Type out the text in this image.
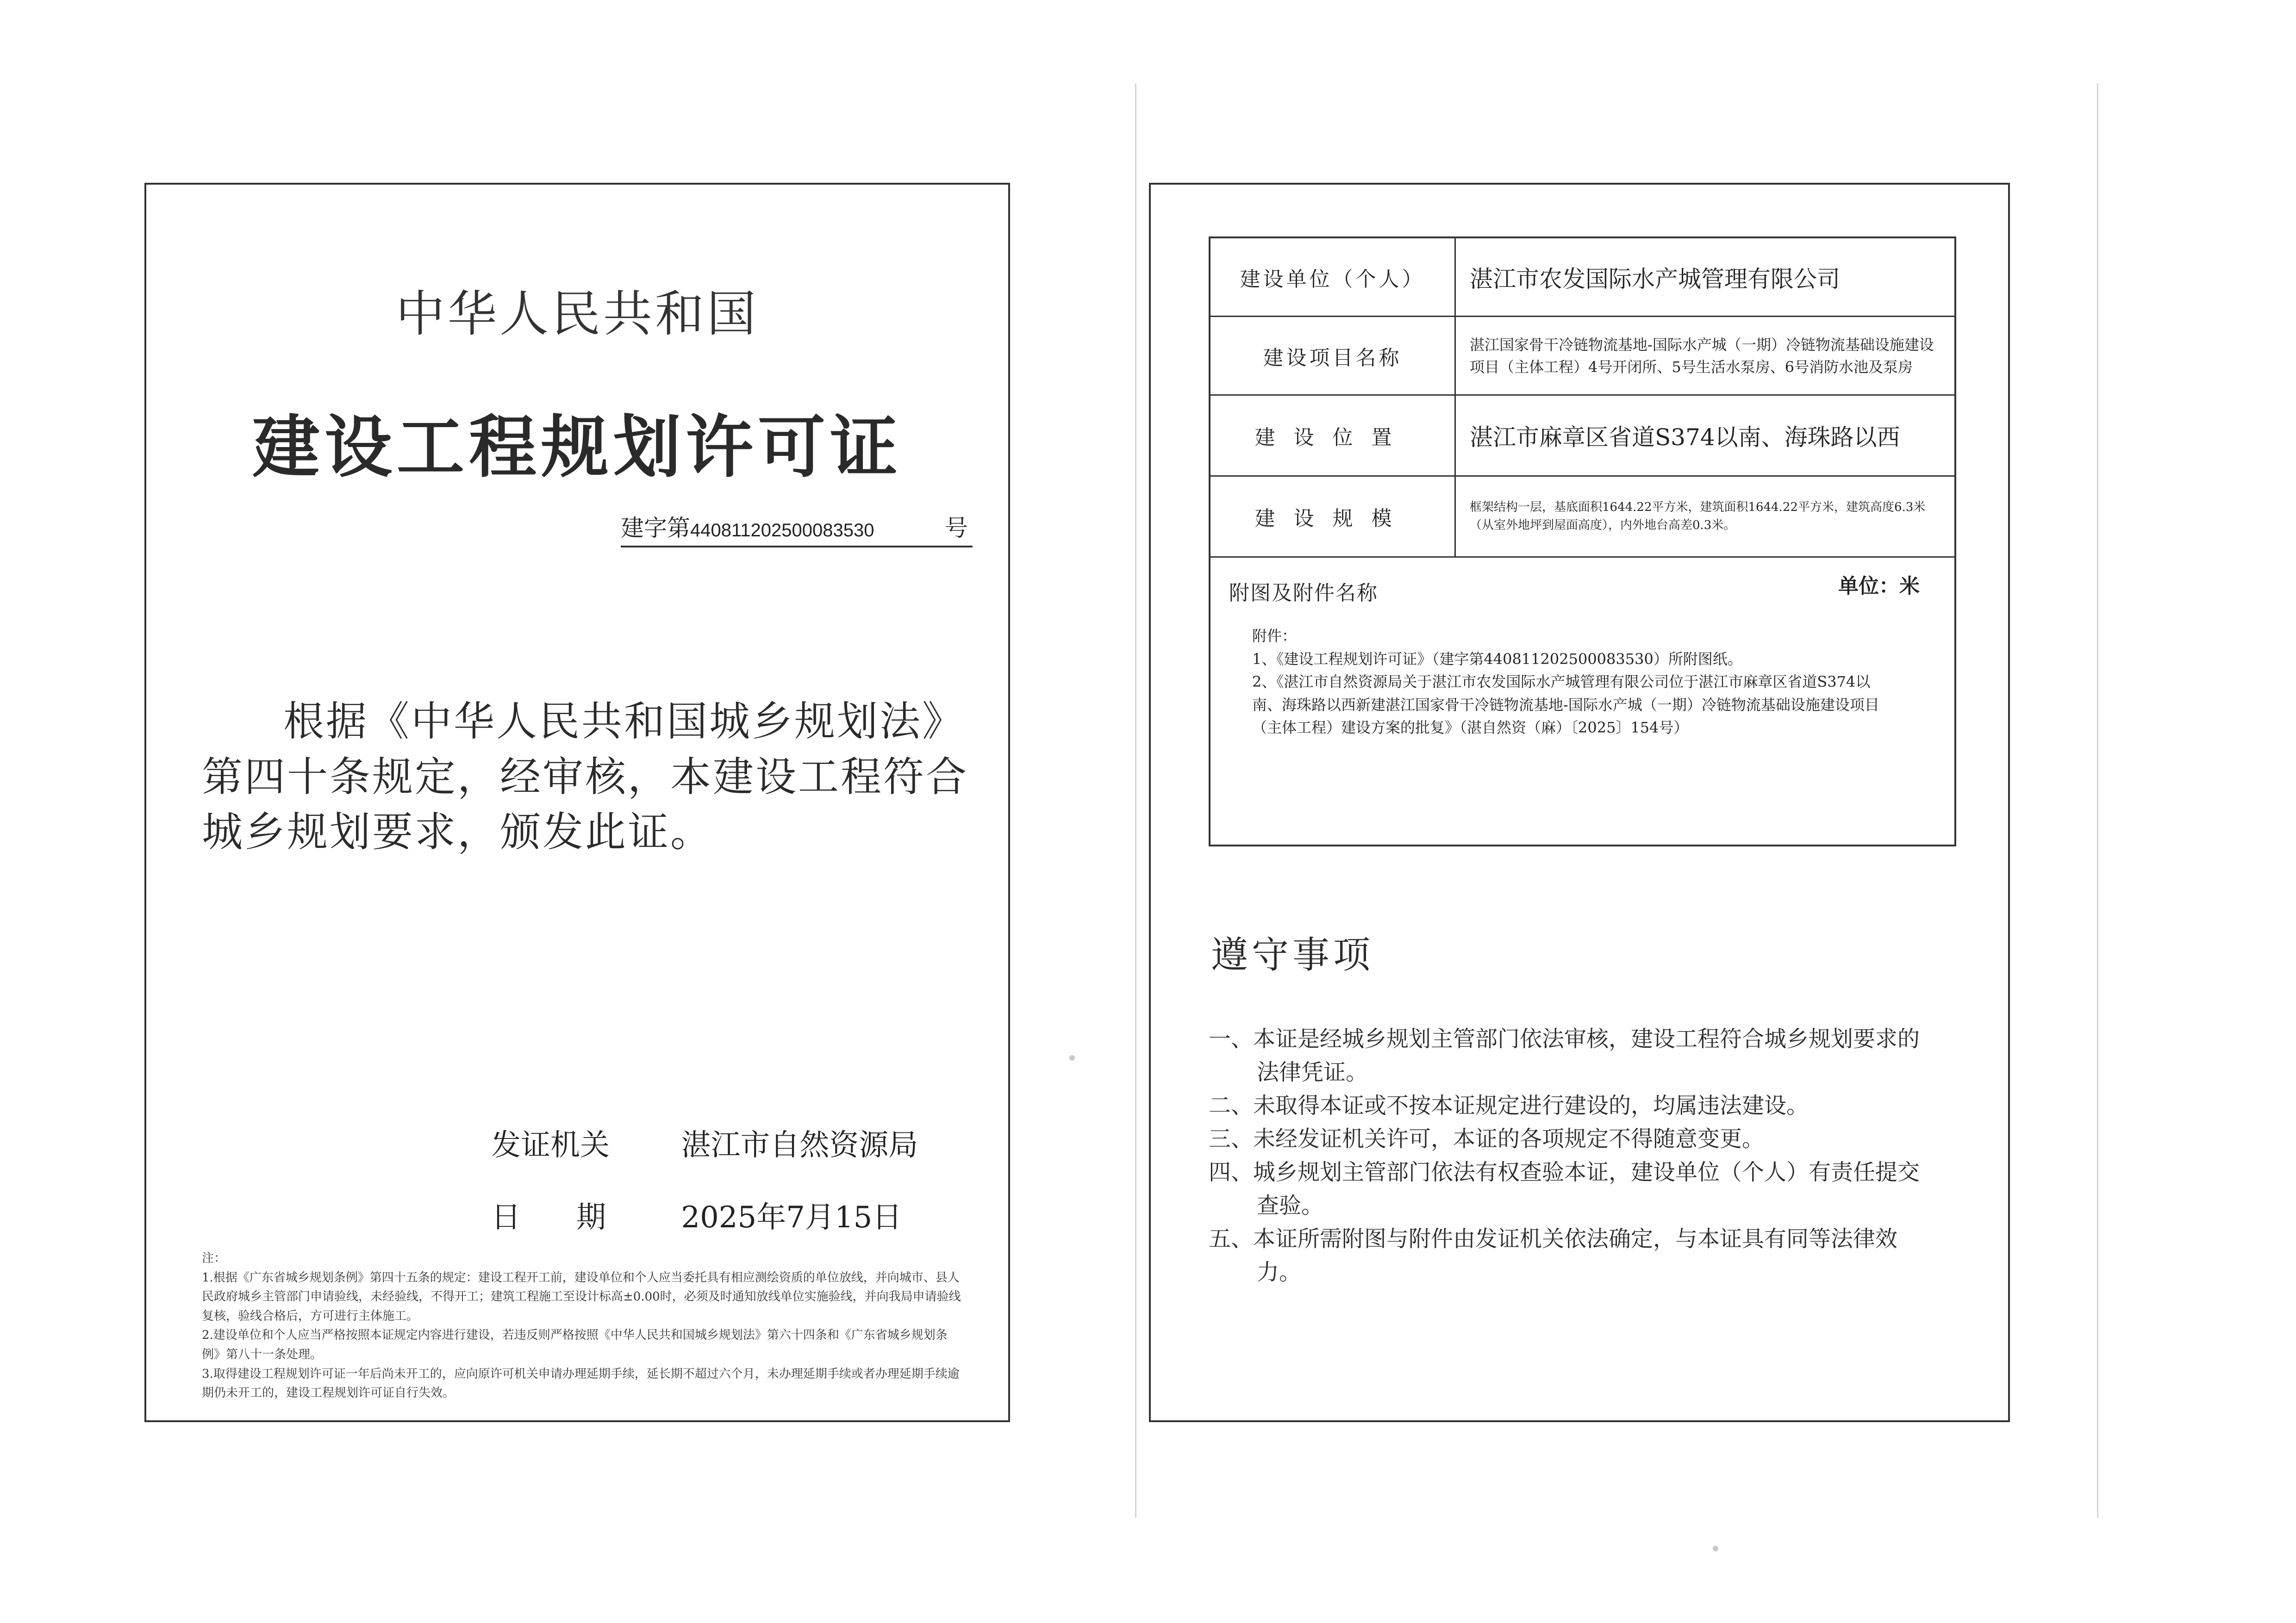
中华人民共和国
建设工程规划许可证
建字第 440811202500083530	号
根据《中华人民共和国城乡规划法》第四十条规定，经审核，本建设工程符合城乡规划要求，颁发此证。
发证机关 湛江市自然资源局
日期 2025年7月15日

注：

1.根据《广东省城乡规划条例》第四十五条的规定：建设工程开工前，建设单位和个人应当委托具有相应测绘资质的单位放线，并向城市、县人民政府城乡主管部门申请验线，未经验线，不得开工；建筑工程施工至设计标高±0.00时，必须及时通知放线单位实施验线，并向我局申请验线复核，验线合格后，方可进行主体施工。

2.建设单位和个人应当严格按照本证规定内容进行建设，若违反则严格按照《中华人民共和国城乡规划法》第六十四条和《广东省城乡规划条例》第八十一条处理。

3.取得建设工程规划许可证一年后尚未开工的，应向原许可机关申请办理延期手续，延长期不超过六个月，未办理延期手续或者办理延期手续逾期仍未开工的，建设工程规划许可证自行失效。

建设单位（个人）	湛江市农发国际水产城管理有限公司
建设项目名称
湛江国家骨干冷链物流基地-国际水产城（一期）冷链物流基础设施建设项目（主体工程）4号开闭所、5号生活水泵房、6号消防水池及泵房
建设位置	湛江市麻章区省道S374以南、海珠路以西
建设规模	框架结构一层，基底面积1644.22平方米，建筑面积1644.22平方米，建筑高度6.3米（从室外地坪到屋面高度），内外地台高差0.3米。
附图及附件名称	单位：米

附件：

1、《建设工程规划许可证》（建字第440811202500083530）所附图纸。

2、《湛江市自然资源局关于湛江市农发国际水产城管理有限公司位于湛江市麻章区省道S374以南、海珠路以西新建湛江国家骨干冷链物流基地-国际水产城（一期）冷链物流基础设施建设项目（主体工程）建设方案的批复》（湛自然资（麻）〔2025〕154号）

遵守事项

一、本证是经城乡规划主管部门依法审核，建设工程符合城乡规划要求的法律凭证。

二、未取得本证或不按本证规定进行建设的，均属违法建设。

三、未经发证机关许可，本证的各项规定不得随意变更。

四、城乡规划主管部门依法有权查验本证，建设单位（个人）有责任提交查验。

五、本证所需附图与附件由发证机关依法确定，与本证具有同等法律效力。
